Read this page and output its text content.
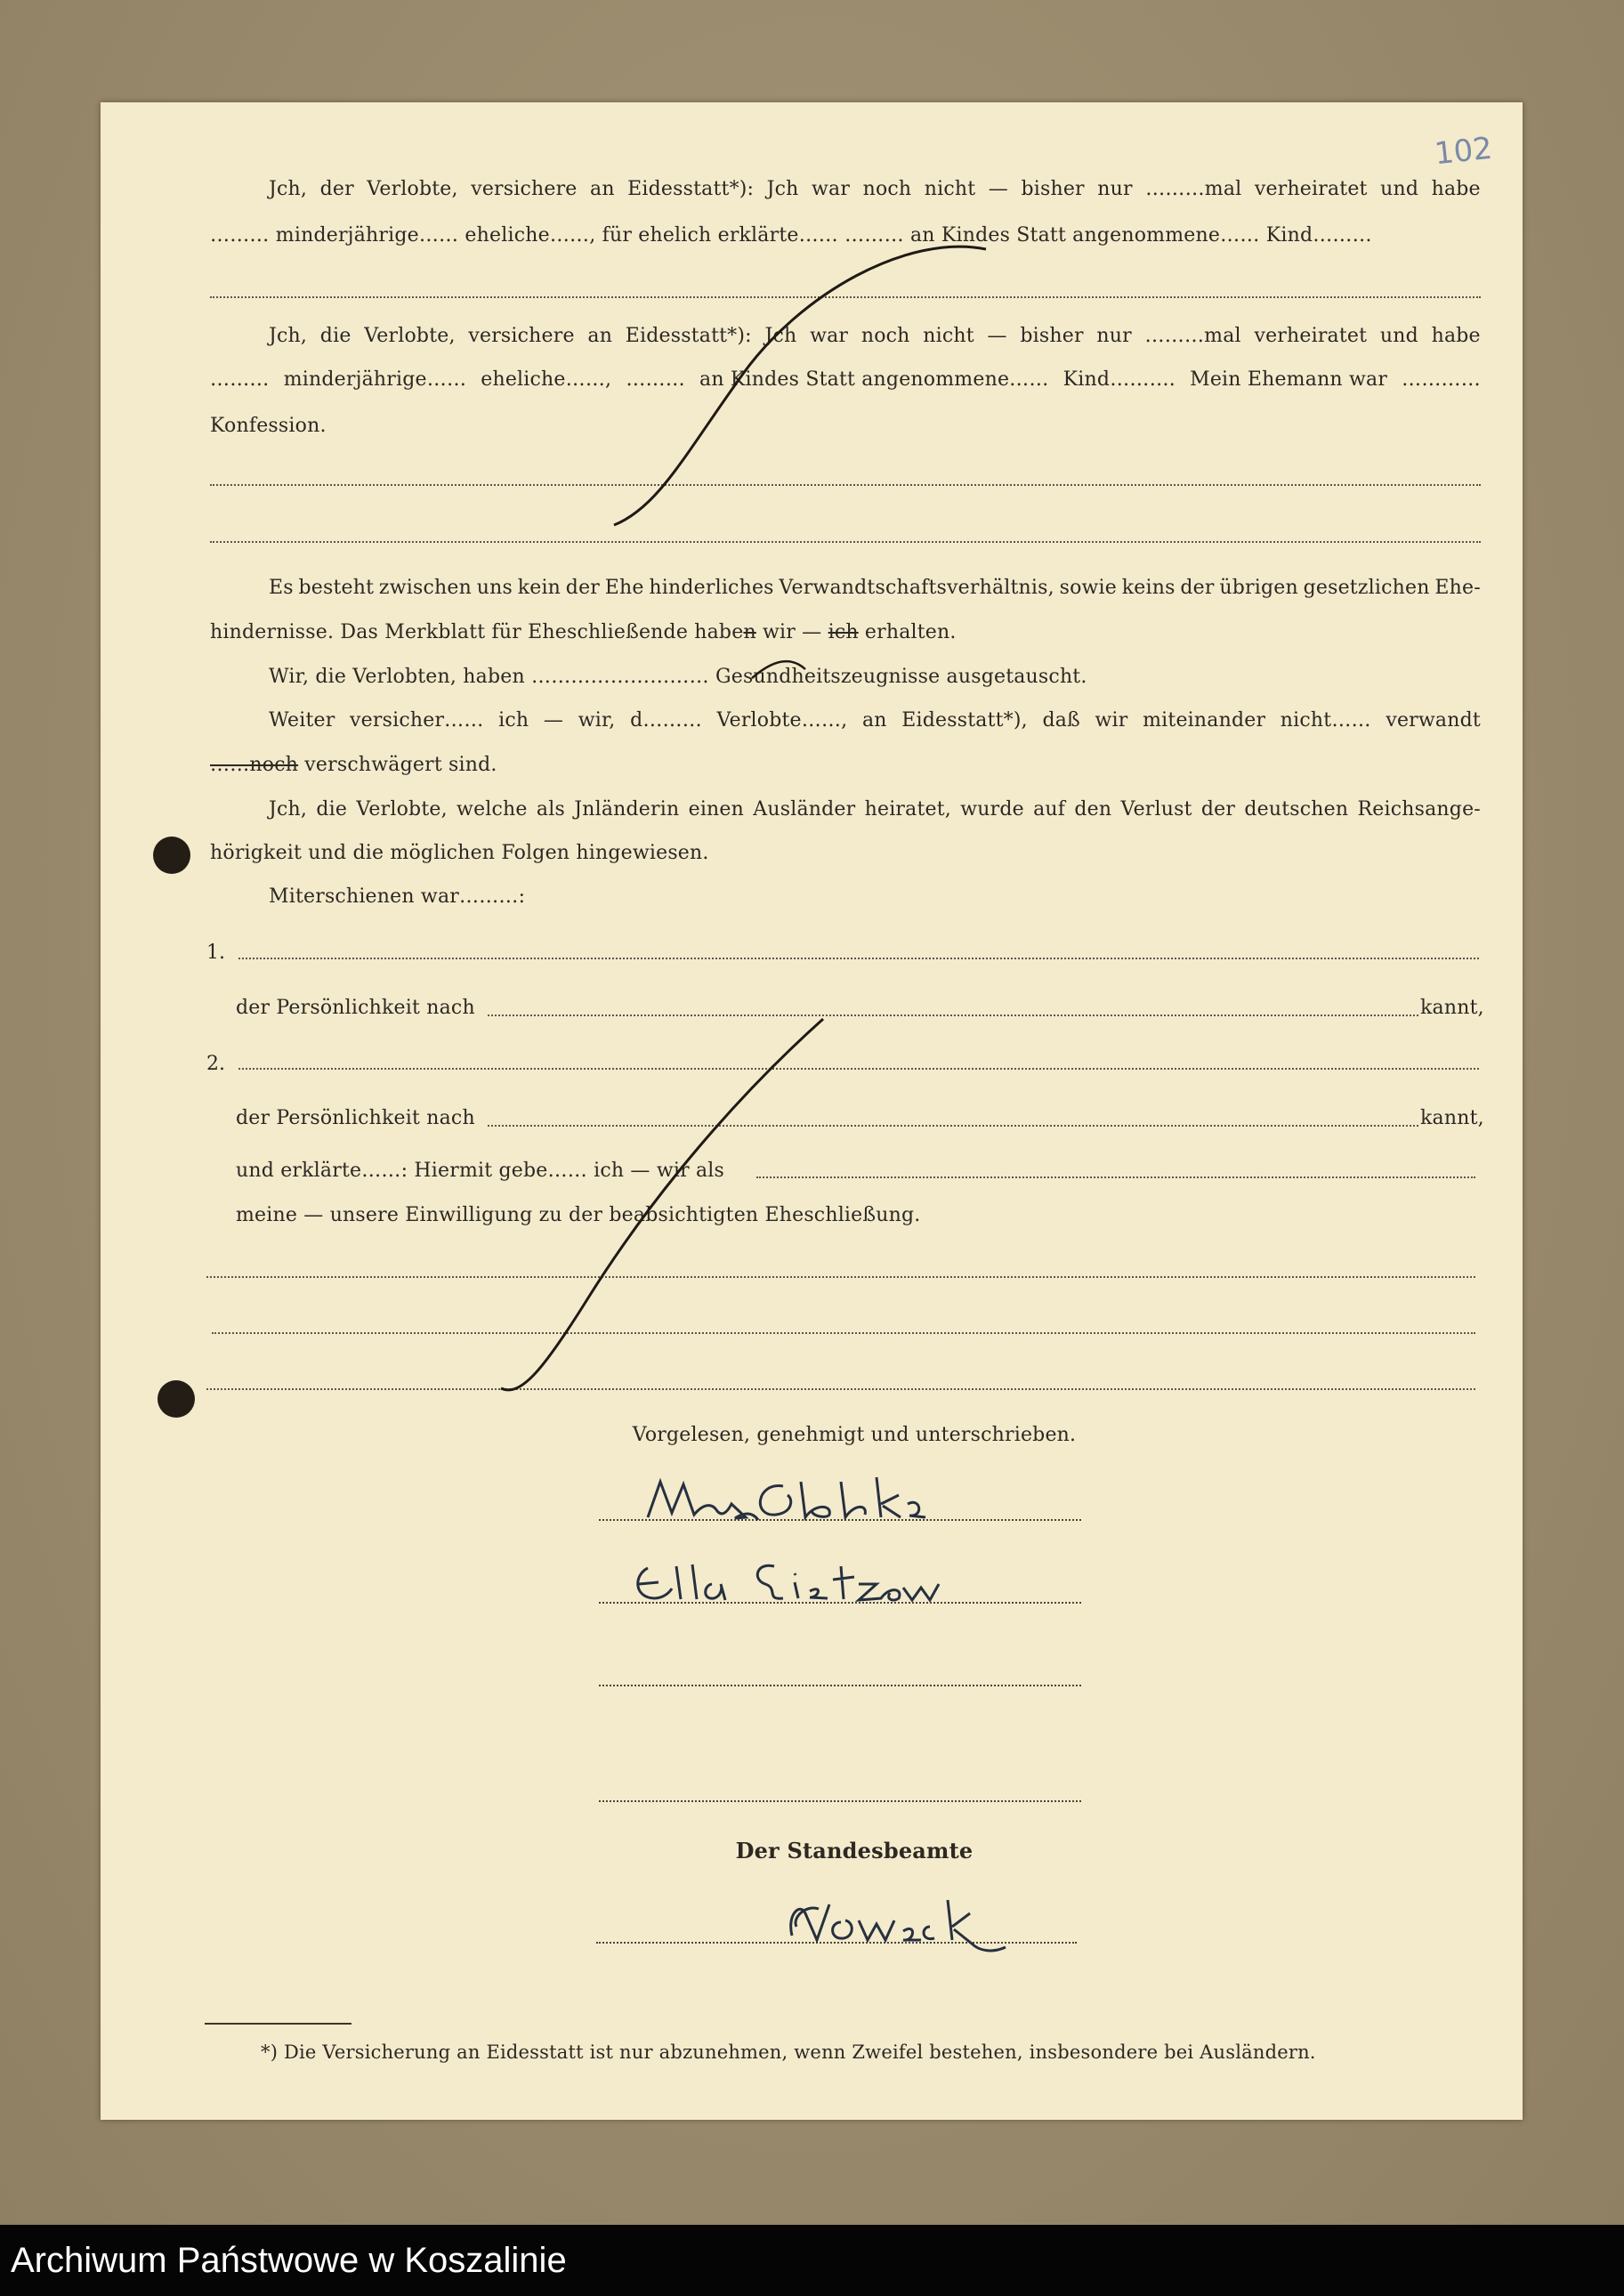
102
Jch, der Verlobte, versichere an Eidesstatt*): Jch war noch nicht — bisher nur ………mal verheiratet und habe
……… minderjährige…… eheliche……, für ehelich erklärte…… ……… an Kindes Statt angenommene…… Kind………
Jch, die Verlobte, versichere an Eidesstatt*): Jch war noch nicht — bisher nur ………mal verheiratet und habe
……… minderjährige…… eheliche……, ……… an Kindes Statt angenommene…… Kind………. Mein Ehemann war …………
Konfession.
Es besteht zwischen uns kein der Ehe hinderliches Verwandtschaftsverhältnis, sowie keins der übrigen gesetzlichen Ehe-
hindernisse. Das Merkblatt für Eheschließende haben wir — ich erhalten.
Wir, die Verlobten, haben ……………………… Gesundheitszeugnisse ausgetauscht.
Weiter versicher…… ich — wir, d……… Verlobte……, an Eidesstatt*), daß wir miteinander nicht…… verwandt
……noch verschwägert sind.
Jch, die Verlobte, welche als Jnländerin einen Ausländer heiratet, wurde auf den Verlust der deutschen Reichsange-
hörigkeit und die möglichen Folgen hingewiesen.
Miterschienen war………:
1.
der Persönlichkeit nach	kannt,
2.
der Persönlichkeit nach	kannt,
und erklärte……: Hiermit gebe…… ich — wir als
meine — unsere Einwilligung zu der beabsichtigten Eheschließung.
Vorgelesen, genehmigt und unterschrieben.
Der Standesbeamte
*) Die Versicherung an Eidesstatt ist nur abzunehmen, wenn Zweifel bestehen, insbesondere bei Ausländern.
Archiwum Państwowe w Koszalinie
